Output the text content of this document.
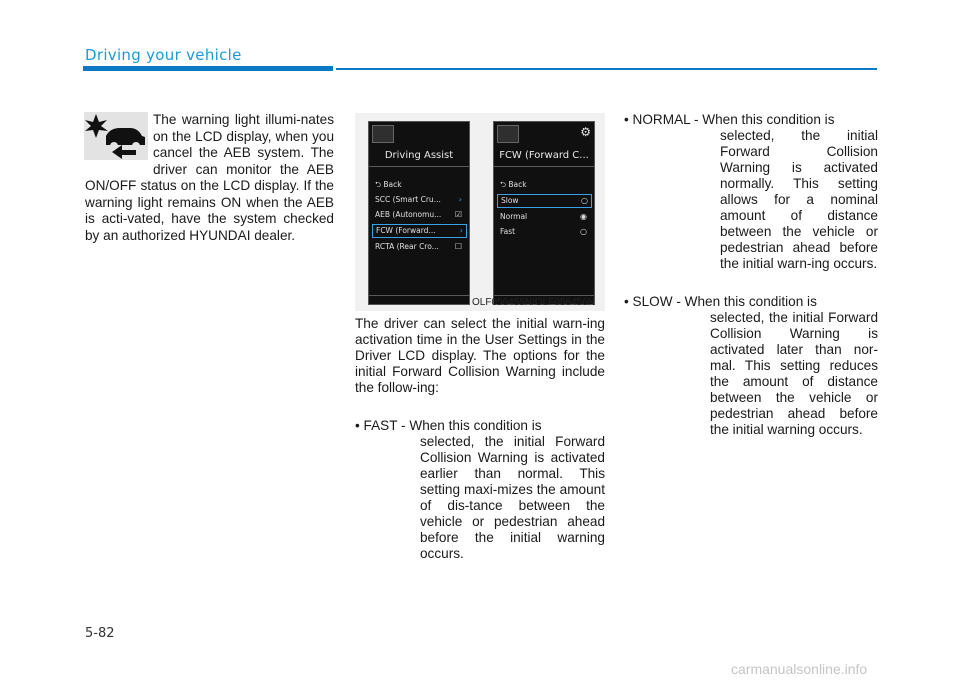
Driving your vehicle

The warning light illumi-nates on the LCD display, when you cancel the AEB system. The driver can monitor the AEB ON/OFF status on the LCD display. If the warning light remains ON when the AEB is acti-vated, have the system checked by an authorized HYUNDAI dealer.

Driving Assist
⮌ Back
SCC (Smart Cru... ›
AEB (Autonomu... ☑
FCW (Forward...	›
RCTA (Rear Cro... ☐
⚙
FCW (Forward C...
⮌ Back
Slow	○
Normal	◉
Fast	○
OLF056455N/OLF056456N

The driver can select the initial warn-ing activation time in the User Settings in the Driver LCD display. The options for the initial Forward Collision Warning include the follow-ing:

• FAST - When this condition is
selected, the initial Forward Collision Warning is activated earlier than normal. This setting maxi-mizes the amount of dis-tance between the vehicle or pedestrian ahead before the initial warning occurs.
• NORMAL - When this condition is
selected, the initial Forward Collision Warning is activated normally. This setting allows for a nominal amount of distance between the vehicle or pedestrian ahead before the initial warn-ing occurs.
• SLOW - When this condition is
selected, the initial Forward Collision Warning is activated later than nor-mal. This setting reduces the amount of distance between the vehicle or pedestrian ahead before the initial warning occurs.
5-82
carmanualsonline.info
